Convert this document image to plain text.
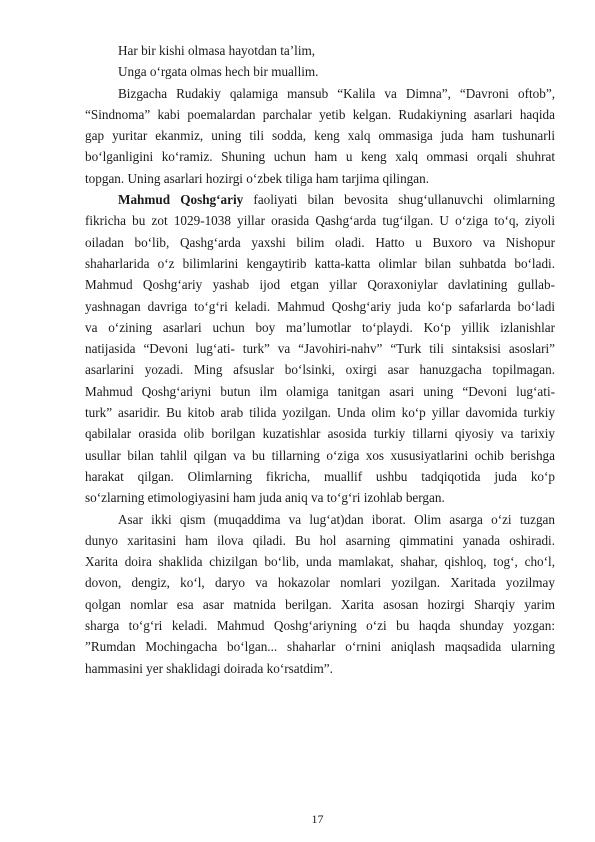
Har bir kishi olmasa hayotdan ta’lim,
Unga o‘rgata olmas hech bir muallim.
Bizgacha Rudakiy qalamiga mansub “Kalila va Dimna”, “Davroni oftob”,
“Sindnoma” kabi poemalardan parchalar yetib kelgan. Rudakiyning asarlari haqida
gap yuritar ekanmiz, uning tili sodda, keng xalq ommasiga juda ham tushunarli
bo‘lganligini ko‘ramiz. Shuning uchun ham u keng xalq ommasi orqali shuhrat
topgan. Uning asarlari hozirgi o‘zbek tiliga ham tarjima qilingan.
Mahmud Qoshg‘ariy faoliyati bilan bevosita shug‘ullanuvchi olimlarning
fikricha bu zot 1029-1038 yillar orasida Qashg‘arda tug‘ilgan. U o‘ziga to‘q, ziyoli
oiladan bo‘lib, Qashg‘arda yaxshi bilim oladi. Hatto u Buxoro va Nishopur
shaharlarida o‘z bilimlarini kengaytirib katta-katta olimlar bilan suhbatda bo‘ladi.
Mahmud Qoshg‘ariy yashab ijod etgan yillar Qoraxoniylar davlatining gullab-
yashnagan davriga to‘g‘ri keladi. Mahmud Qoshg‘ariy juda ko‘p safarlarda bo‘ladi
va o‘zining asarlari uchun boy ma’lumotlar to‘playdi. Ko‘p yillik izlanishlar
natijasida “Devoni lug‘ati- turk” va “Javohiri-nahv” “Turk tili sintaksisi asoslari”
asarlarini yozadi. Ming afsuslar bo‘lsinki, oxirgi asar hanuzgacha topilmagan.
Mahmud Qoshg‘ariyni butun ilm olamiga tanitgan asari uning “Devoni lug‘ati-
turk” asaridir. Bu kitob arab tilida yozilgan. Unda olim ko‘p yillar davomida turkiy
qabilalar orasida olib borilgan kuzatishlar asosida turkiy tillarni qiyosiy va tarixiy
usullar bilan tahlil qilgan va bu tillarning o‘ziga xos xususiyatlarini ochib berishga
harakat qilgan. Olimlarning fikricha, muallif ushbu tadqiqotida juda ko‘p
so‘zlarning etimologiyasini ham juda aniq va to‘g‘ri izohlab bergan.
Asar ikki qism (muqaddima va lug‘at)dan iborat. Olim asarga o‘zi tuzgan
dunyo xaritasini ham ilova qiladi. Bu hol asarning qimmatini yanada oshiradi.
Xarita doira shaklida chizilgan bo‘lib, unda mamlakat, shahar, qishloq, tog‘, cho‘l,
dovon, dengiz, ko‘l, daryo va hokazolar nomlari yozilgan. Xaritada yozilmay
qolgan nomlar esa asar matnida berilgan. Xarita asosan hozirgi Sharqiy yarim
sharga to‘g‘ri keladi. Mahmud Qoshg‘ariyning o‘zi bu haqda shunday yozgan:
”Rumdan Mochingacha bo‘lgan... shaharlar o‘rnini aniqlash maqsadida ularning
hammasini yer shaklidagi doirada ko‘rsatdim”.
17
